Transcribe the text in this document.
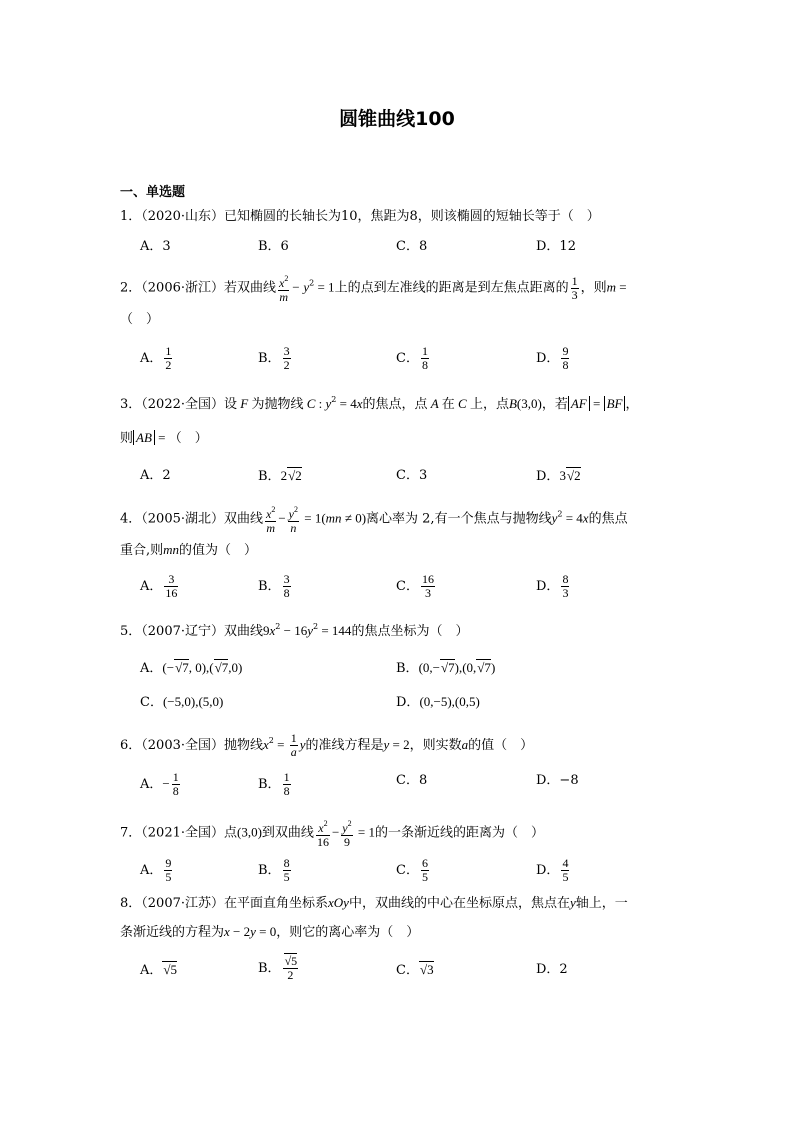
圆锥曲线100
一、单选题
1．（2020·山东）已知椭圆的长轴长为10，焦距为8，则该椭圆的短轴长等于（　）
A．3	B．6	C．8	D．12
2．（2006·浙江）若双曲线 $\frac{x^2}{m} - y^2 = 1$上的点到左准线的距离是到左焦点距离的 $\frac{1}{3}$ ，则m =
（　）
A． $\frac{1}{2}$	B． $\frac{3}{2}$	C． $\frac{1}{8}$	D． $\frac{9}{8}$
3．（2022·全国）设 F 为抛物线 C : $y^2 = 4x$的焦点，点 A 在 C 上，点B(3,0)，若 AF = BF ，
则 AB = （　）
A．2	B．2√2	C．3	D．3√2
4．（2005·湖北）双曲线 $\frac{x^2}{m} - \frac{y^2}{n} = 1(mn \ne 0)$离心率为 2,有一个焦点与抛物线$y^2 = 4x$的焦点
重合,则mn的值为（　）
A． $\frac{3}{16}$	B． $\frac{3}{8}$	C． $\frac{16}{3}$	D． $\frac{8}{3}$
5．（2007·辽宁）双曲线$9x^2 - 16y^2 = 144$的焦点坐标为（　）
A．(−√7, 0),(√7,0)	B．(0,−√7),(0,√7)
C．(−5,0),(5,0)	D．(0,−5),(0,5)
6．（2003·全国）抛物线$x^2 = \frac{1}{a}$ y的准线方程是y = 2，则实数a的值（　）
A．− $\frac{1}{8}$	B． $\frac{1}{8}$	C．8	D．−8
7．（2021·全国）点(3,0)到双曲线 $\frac{x^2}{16} - \frac{y^2}{9} = 1$的一条渐近线的距离为（　）
A． $\frac{9}{5}$	B． $\frac{8}{5}$	C． $\frac{6}{5}$	D． $\frac{4}{5}$
8．（2007·江苏）在平面直角坐标系xOy中，双曲线的中心在坐标原点，焦点在y轴上，一
条渐近线的方程为x − 2y = 0，则它的离心率为（　）
A．√5	B． $\frac{√5}{2}$	C．√3	D．2
